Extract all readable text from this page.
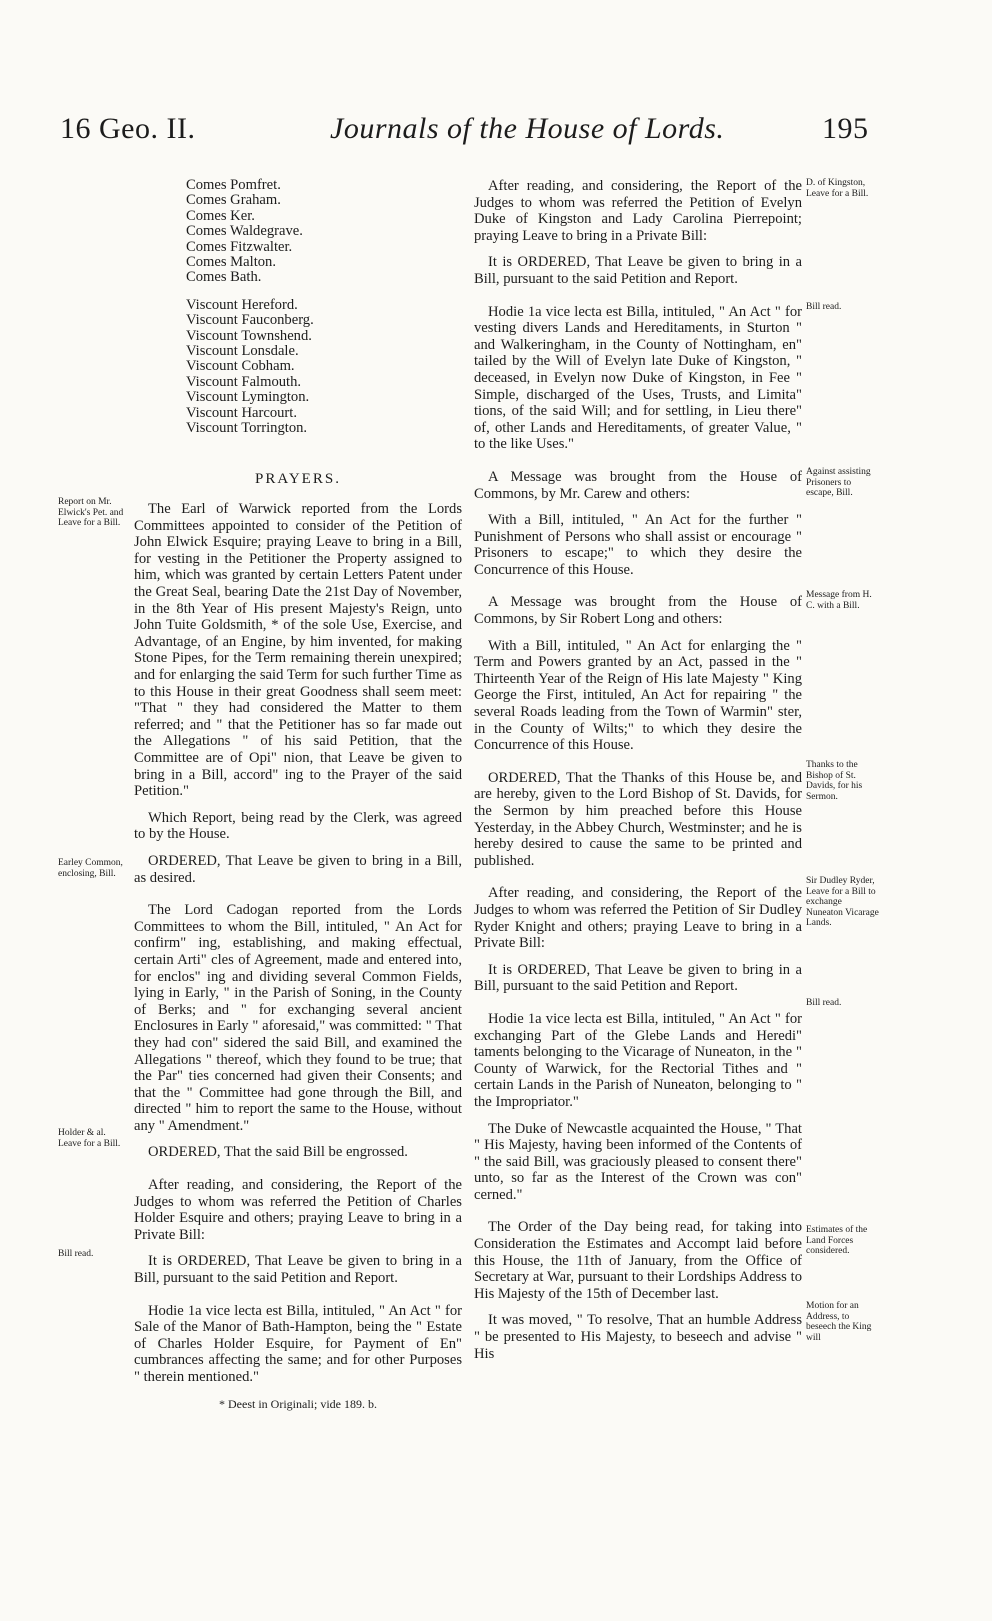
16 Geo. II.	Journals of the House of Lords.	195
Comes Pomfret.
Comes Graham.
Comes Ker.
Comes Waldegrave.
Comes Fitzwalter.
Comes Malton.
Comes Bath.
Viscount Hereford.
Viscount Fauconberg.
Viscount Townshend.
Viscount Lonsdale.
Viscount Cobham.
Viscount Falmouth.
Viscount Lymington.
Viscount Harcourt.
Viscount Torrington.
PRAYERS.

The Earl of Warwick reported from the Lords Committees appointed to consider of the Petition of John Elwick Esquire; praying Leave to bring in a Bill, for vesting in the Petitioner the Property assigned to him, which was granted by certain Letters Patent under the Great Seal, bearing Date the 21st Day of November, in the 8th Year of His present Majesty's Reign, unto John Tuite Goldsmith, * of the sole Use, Exercise, and Advantage, of an Engine, by him invented, for making Stone Pipes, for the Term remaining therein unexpired; and for enlarging the said Term for such further Time as to this House in their great Goodness shall seem meet: "That " they had considered the Matter to them referred; and " that the Petitioner has so far made out the Allegations " of his said Petition, that the Committee are of Opi" nion, that Leave be given to bring in a Bill, accord" ing to the Prayer of the said Petition."

Which Report, being read by the Clerk, was agreed to by the House.

ORDERED, That Leave be given to bring in a Bill, as desired.

The Lord Cadogan reported from the Lords Committees to whom the Bill, intituled, " An Act for confirm" ing, establishing, and making effectual, certain Arti" cles of Agreement, made and entered into, for enclos" ing and dividing several Common Fields, lying in Early, " in the Parish of Soning, in the County of Berks; and " for exchanging several ancient Enclosures in Early " aforesaid," was committed: " That they had con" sidered the said Bill, and examined the Allegations " thereof, which they found to be true; that the Par" ties concerned had given their Consents; and that the " Committee had gone through the Bill, and directed " him to report the same to the House, without any " Amendment."

ORDERED, That the said Bill be engrossed.

After reading, and considering, the Report of the Judges to whom was referred the Petition of Charles Holder Esquire and others; praying Leave to bring in a Private Bill:

It is ORDERED, That Leave be given to bring in a Bill, pursuant to the said Petition and Report.

Hodie 1a vice lecta est Billa, intituled, " An Act " for Sale of the Manor of Bath-Hampton, being the " Estate of Charles Holder Esquire, for Payment of En" cumbrances affecting the same; and for other Purposes " therein mentioned."

* Deest in Originali; vide 189. b.
Report on Mr. Elwick's Pet. and Leave for a Bill.
Earley Common, enclosing, Bill.
Holder & al. Leave for a Bill.
Bill read.

After reading, and considering, the Report of the Judges to whom was referred the Petition of Evelyn Duke of Kingston and Lady Carolina Pierrepoint; praying Leave to bring in a Private Bill:

It is ORDERED, That Leave be given to bring in a Bill, pursuant to the said Petition and Report.

Hodie 1a vice lecta est Billa, intituled, " An Act " for vesting divers Lands and Hereditaments, in Sturton " and Walkeringham, in the County of Nottingham, en" tailed by the Will of Evelyn late Duke of Kingston, " deceased, in Evelyn now Duke of Kingston, in Fee " Simple, discharged of the Uses, Trusts, and Limita" tions, of the said Will; and for settling, in Lieu there" of, other Lands and Hereditaments, of greater Value, " to the like Uses."

A Message was brought from the House of Commons, by Mr. Carew and others:

With a Bill, intituled, " An Act for the further " Punishment of Persons who shall assist or encourage " Prisoners to escape;" to which they desire the Concurrence of this House.

A Message was brought from the House of Commons, by Sir Robert Long and others:

With a Bill, intituled, " An Act for enlarging the " Term and Powers granted by an Act, passed in the " Thirteenth Year of the Reign of His late Majesty " King George the First, intituled, An Act for repairing " the several Roads leading from the Town of Warmin" ster, in the County of Wilts;" to which they desire the Concurrence of this House.

ORDERED, That the Thanks of this House be, and are hereby, given to the Lord Bishop of St. Davids, for the Sermon by him preached before this House Yesterday, in the Abbey Church, Westminster; and he is hereby desired to cause the same to be printed and published.

After reading, and considering, the Report of the Judges to whom was referred the Petition of Sir Dudley Ryder Knight and others; praying Leave to bring in a Private Bill:

It is ORDERED, That Leave be given to bring in a Bill, pursuant to the said Petition and Report.

Hodie 1a vice lecta est Billa, intituled, " An Act " for exchanging Part of the Glebe Lands and Heredi" taments belonging to the Vicarage of Nuneaton, in the " County of Warwick, for the Rectorial Tithes and " certain Lands in the Parish of Nuneaton, belonging to " the Impropriator."

The Duke of Newcastle acquainted the House, " That " His Majesty, having been informed of the Contents of " the said Bill, was graciously pleased to consent there" unto, so far as the Interest of the Crown was con" cerned."

The Order of the Day being read, for taking into Consideration the Estimates and Accompt laid before this House, the 11th of January, from the Office of Secretary at War, pursuant to their Lordships Address to His Majesty of the 15th of December last.

It was moved, " To resolve, That an humble Address " be presented to His Majesty, to beseech and advise " His

D. of Kingston, Leave for a Bill.
Bill read.
Against assisting Prisoners to escape, Bill.
Message from H. C. with a Bill.
Thanks to the Bishop of St. Davids, for his Sermon.
Sir Dudley Ryder, Leave for a Bill to exchange Nuneaton Vicarage Lands.
Bill read.
Estimates of the Land Forces considered.
Motion for an Address, to beseech the King will
